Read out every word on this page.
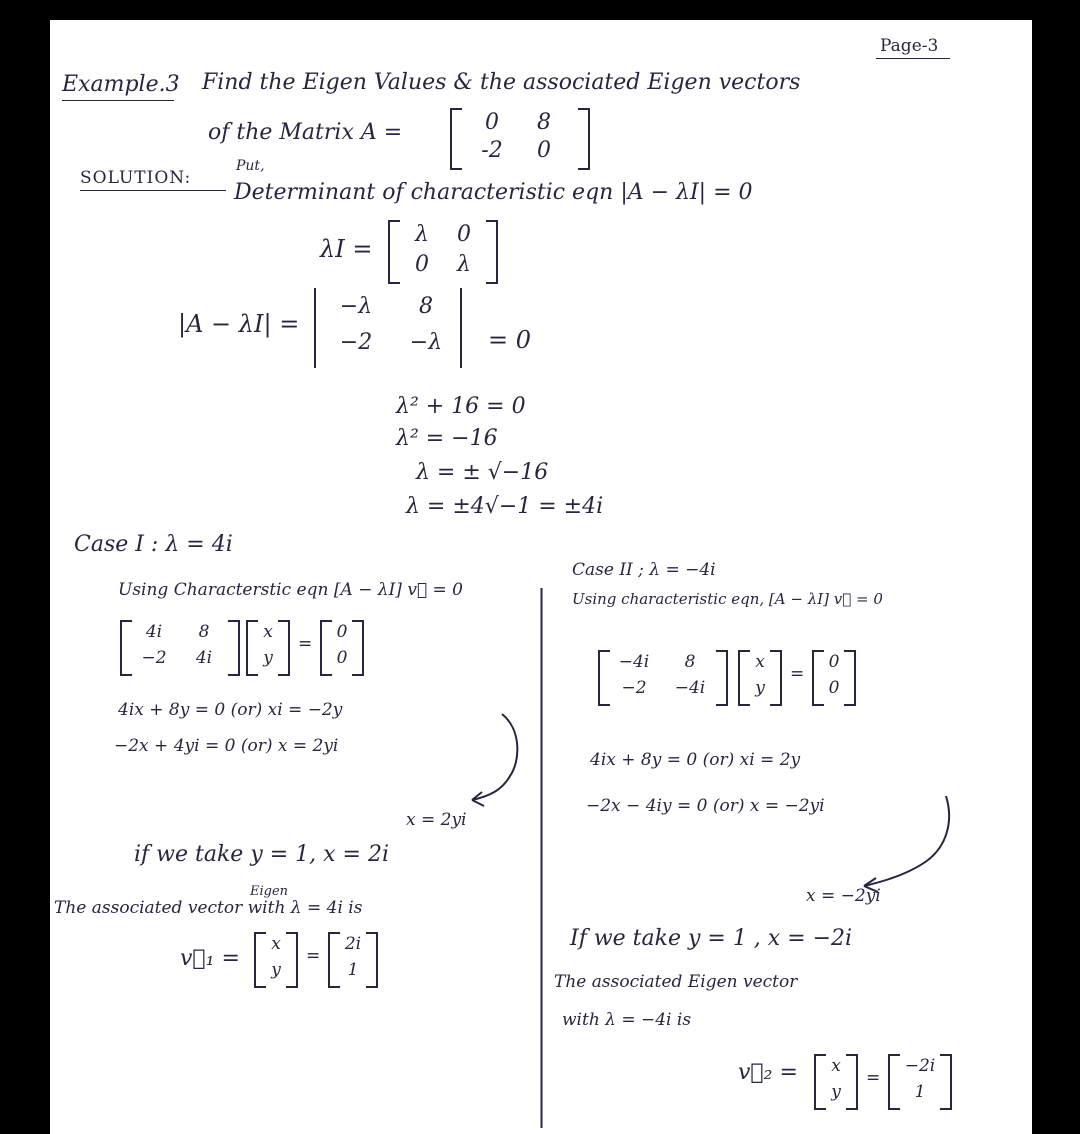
Page-3
Example.3 Find the Eigen Values & the associated Eigen vectors
of the Matrix A =	0	8
-2	0
SOLUTION:
Put,
Determinant of characteristic eqn |A − λI| = 0
λI =
λ	0
0	λ
|A − λI| =
−λ	8
−2	−λ	= 0
λ² + 16 = 0
λ² = −16
λ = ± √−16
λ = ±4√−1 = ±4i
Case I : λ = 4i
Using Characterstic eqn [A − λI] v⃗ = 0
4i	8
−2	4i
x
y
=
0
0
4ix + 8y = 0 (or) xi = −2y
−2x + 4yi = 0 (or) x = 2yi
x = 2yi
if we take y = 1, x = 2i
Eigen
The associated vector with λ = 4i is
v⃗₁ =
x
y
=
2i
1
Case II ; λ = −4i
Using characteristic eqn, [A − λI] v⃗ = 0
−4i	8
−2	−4i
x
y
=
0
0
4ix + 8y = 0 (or) xi = 2y
−2x − 4iy = 0 (or) x = −2yi
x = −2yi
If we take y = 1 , x = −2i
The associated Eigen vector
with λ = −4i is
v⃗₂ =	x
y
=
−2i
1
